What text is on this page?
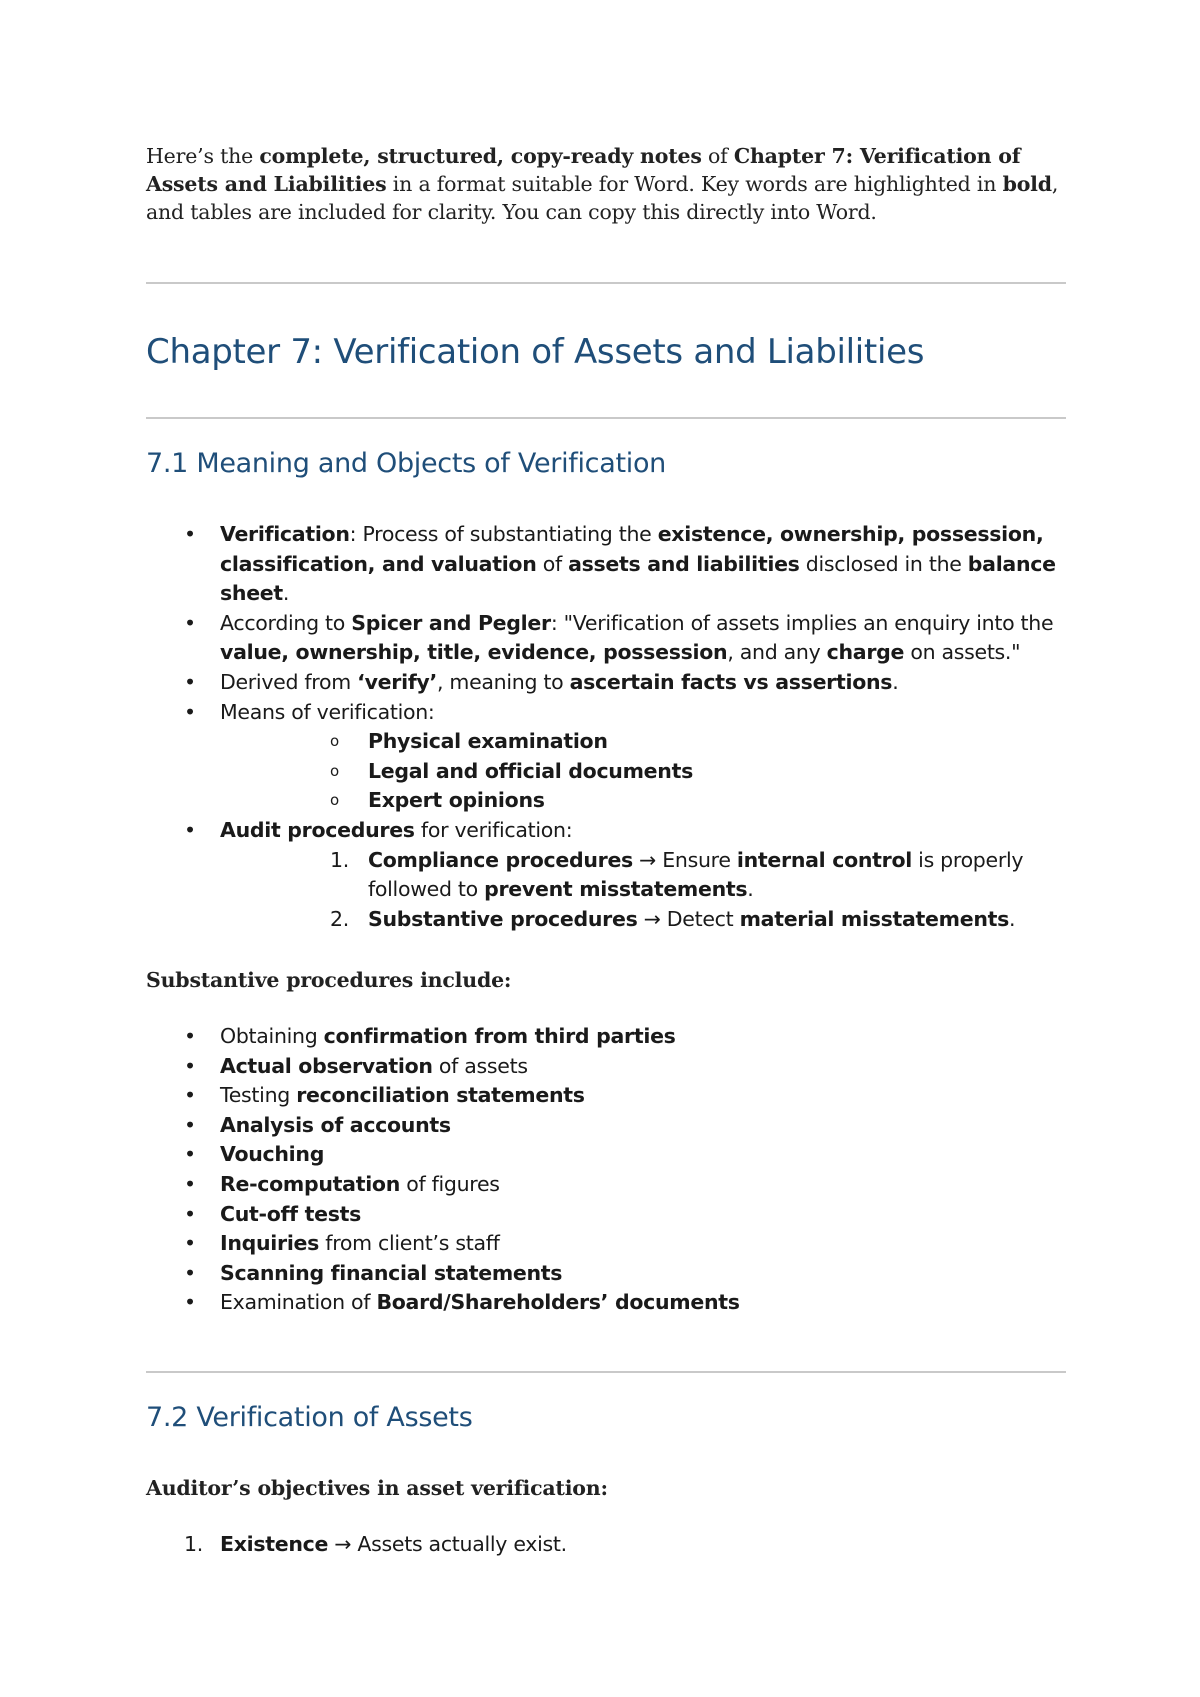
Here’s the complete, structured, copy-ready notes of Chapter 7: Verification of Assets and Liabilities in a format suitable for Word. Key words are highlighted in bold, and tables are included for clarity. You can copy this directly into Word.

Chapter 7: Verification of Assets and Liabilities
7.1 Meaning and Objects of Verification
• Verification: Process of substantiating the existence, ownership, possession, classification, and valuation of assets and liabilities disclosed in the balance sheet.
• According to Spicer and Pegler: "Verification of assets implies an enquiry into the value, ownership, title, evidence, possession, and any charge on assets."
• Derived from ‘verify’, meaning to ascertain facts vs assertions.
• Means of verification:
o Physical examination
o Legal and official documents
o Expert opinions
• Audit procedures for verification:
1. Compliance procedures → Ensure internal control is properly followed to prevent misstatements.
2. Substantive procedures → Detect material misstatements.

Substantive procedures include:

• Obtaining confirmation from third parties
• Actual observation of assets
• Testing reconciliation statements
• Analysis of accounts
• Vouching
• Re-computation of figures
• Cut-off tests
• Inquiries from client’s staff
• Scanning financial statements
• Examination of Board/Shareholders’ documents
7.2 Verification of Assets

Auditor’s objectives in asset verification:

1. Existence → Assets actually exist.
